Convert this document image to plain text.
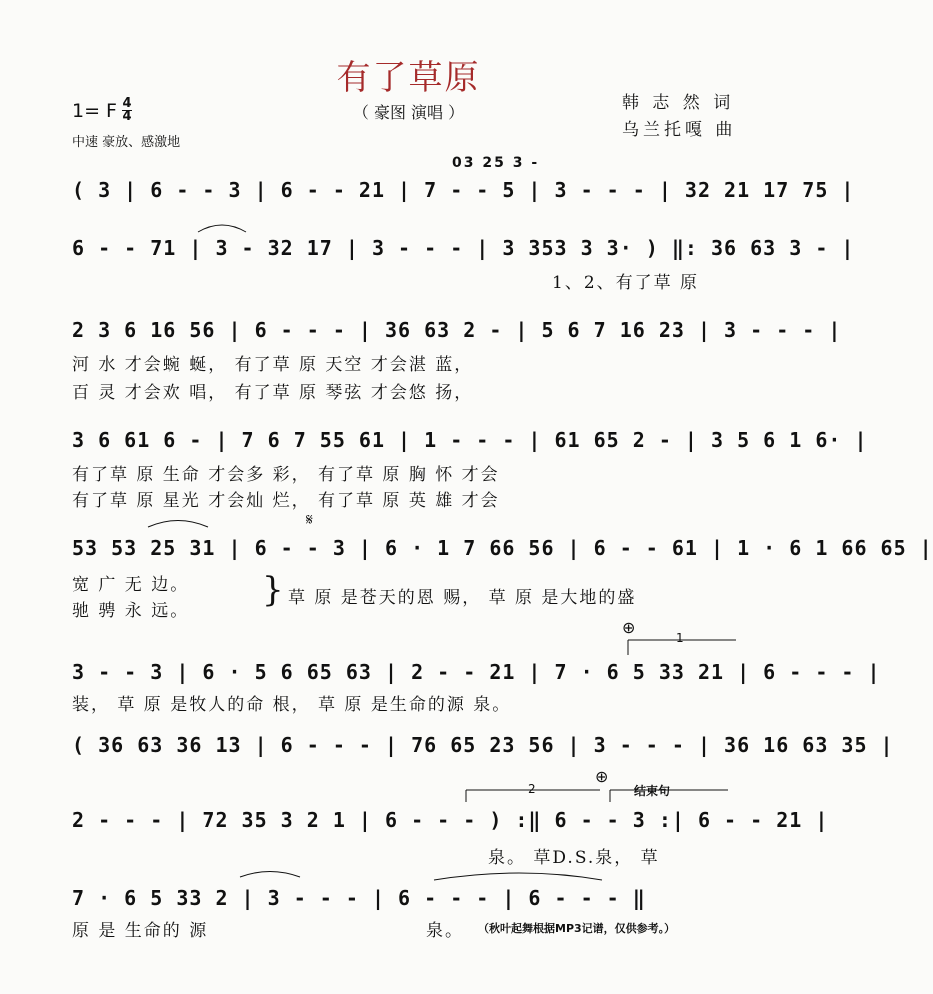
有了草原
（ 豪图 演唱 ）
1= F 4
4
中速 豪放、感激地
韩 志 然 词
乌兰托嘎 曲
03 25 3 -
( 3 | 6 - - 3 | 6 - - 21 | 7 - - 5 | 3 - - - | 32 21 17 75 |
6 - - 71 | 3 - 32 17 | 3 - - - | 3 353 3 3· ) ‖: 36 63 3 - |
1、2、有了草 原
2 3 6 16 56 | 6 - - - | 36 63 2 - | 5 6 7 16 23 | 3 - - - |
河 水 才会蜿 蜒， 有了草 原 天空 才会湛 蓝，
百 灵 才会欢 唱， 有了草 原 琴弦 才会悠 扬，
3 6 61 6 - | 7 6 7 55 61 | 1 - - - | 61 65 2 - | 3 5 6 1 6· |
有了草 原 生命 才会多 彩， 有了草 原 胸 怀 才会
有了草 原 星光 才会灿 烂， 有了草 原 英 雄 才会
𝄋
53 53 25 31 | 6 - - 3 | 6 · 1 7 66 56 | 6 - - 61 | 1 · 6 1 66 65 |
宽 广 无 边。
驰 骋 永 远。
草 原 是苍天的恩 赐， 草 原 是大地的盛
}
⊕
1
3 - - 3 | 6 · 5 6 65 63 | 2 - - 21 | 7 · 6 5 33 21 | 6 - - - |
装， 草 原 是牧人的命 根， 草 原 是生命的源 泉。
( 36 63 36 13 | 6 - - - | 76 65 23 56 | 3 - - - | 36 16 63 35 |
2
⊕
结束句
2 - - - | 72 35 3 2 1 | 6 - - - ) :‖ 6 - - 3 :| 6 - - 21 |
泉。 草D.S.泉， 草
7 · 6 5 33 2 | 3 - - - | 6 - - - | 6 - - - ‖
原 是 生命的 源	泉。 （秋叶起舞根据MP3记谱，仅供参考。）
